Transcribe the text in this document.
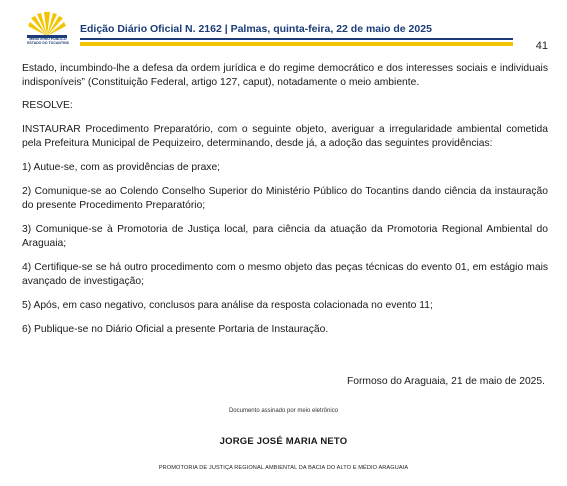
MINISTÉRIO PÚBLICO ESTADO DO TOCANTINS
Edição Diário Oficial N. 2162 | Palmas, quinta-feira, 22 de maio de 2025
41

Estado, incumbindo-lhe a defesa da ordem jurídica e do regime democrático e dos interesses sociais e individuais indisponíveis” (Constituição Federal, artigo 127, caput), notadamente o meio ambiente.

RESOLVE:

INSTAURAR Procedimento Preparatório, com o seguinte objeto, averiguar a irregularidade ambiental cometida pela Prefeitura Municipal de Pequizeiro, determinando, desde já, a adoção das seguintes providências:

1) Autue-se, com as providências de praxe;

2) Comunique-se ao Colendo Conselho Superior do Ministério Público do Tocantins dando ciência da instauração do presente Procedimento Preparatório;

3) Comunique-se à Promotoria de Justiça local, para ciência da atuação da Promotoria Regional Ambiental do Araguaia;

4) Certifique-se se há outro procedimento com o mesmo objeto das peças técnicas do evento 01, em estágio mais avançado de investigação;

5) Após, em caso negativo, conclusos para análise da resposta colacionada no evento 11;

6) Publique-se no Diário Oficial a presente Portaria de Instauração.

Formoso do Araguaia, 21 de maio de 2025.
Documento assinado por meio eletrônico
JORGE JOSÉ MARIA NETO
PROMOTORIA DE JUSTIÇA REGIONAL AMBIENTAL DA BACIA DO ALTO E MÉDIO ARAGUAIA
